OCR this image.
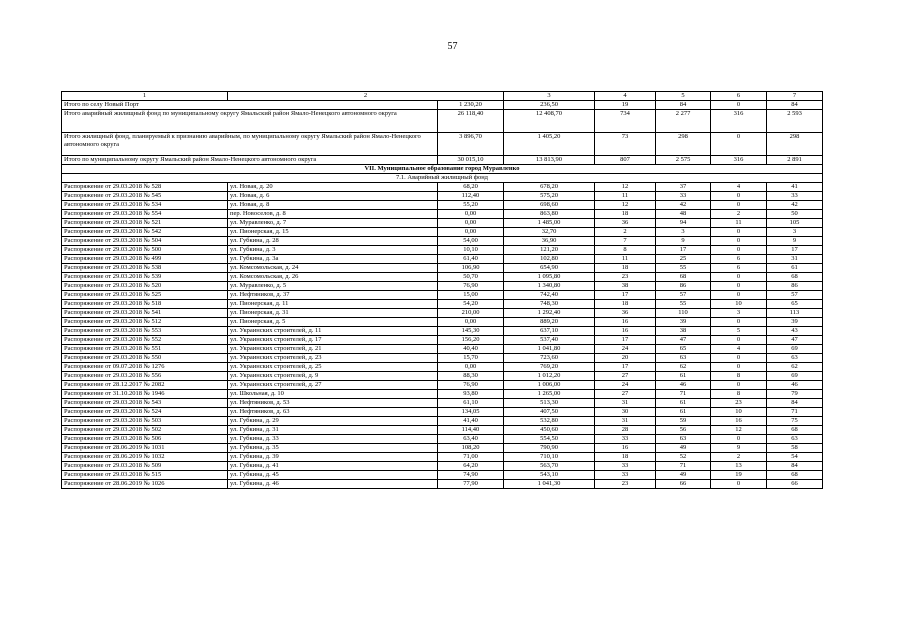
57
1	2		3	4	5	6	7	
Итого по селу Новый Порт		1 230,20	236,50	19	84	0	84	
Итого аварийный жилищный фонд по муниципальному округу Ямальский район Ямало-Ненецкого автономного округа		26 118,40	12 408,70	734	2 277	316	2 593	
Итого жилищный фонд, планируемый к признанию аварийным, по муниципальному округу Ямальский район Ямало-Ненецкого автономного округа		3 896,70	1 405,20	73	298	0	298	
Итого по муниципальному округу Ямальский район Ямало-Ненецкого автономного округа		30 015,10	13 813,90	807	2 575	316	2 891	
VII. Муниципальное образование город Муравленко								
7.1. Аварийный жилищный фонд								
Распоряжение от 29.03.2018 № 528	ул. Новая, д. 20	68,20	678,20	12	37	4	41	
Распоряжение от 29.03.2018 № 545	ул. Новая, д. 6	112,40	575,20	11	33	0	33	
Распоряжение от 29.03.2018 № 534	ул. Новая, д. 8	55,20	698,60	12	42	0	42	
Распоряжение от 29.03.2018 № 554	пер. Новоселов, д. 8	0,00	863,80	18	48	2	50	
Распоряжение от 29.03.2018 № 521	ул. Муравленко, д. 7	0,00	1 485,00	36	94	11	105	
Распоряжение от 29.03.2018 № 542	ул. Пионерская, д. 15	0,00	32,70	2	3	0	3	
Распоряжение от 29.03.2018 № 504	ул. Губкина, д. 28	54,00	36,90	7	9	0	9	
Распоряжение от 29.03.2018 № 500	ул. Губкина, д. 3	10,10	121,20	8	17	0	17	
Распоряжение от 29.03.2018 № 499	ул. Губкина, д. 3а	61,40	102,80	11	25	6	31	
Распоряжение от 29.03.2018 № 538	ул. Комсомольская, д. 24	106,90	654,90	18	55	6	61	
Распоряжение от 29.03.2018 № 539	ул. Комсомольская, д. 26	50,70	1 095,80	23	68	0	68	
Распоряжение от 29.03.2018 № 520	ул. Муравленко, д. 5	76,90	1 340,80	38	86	0	86	
Распоряжение от 29.03.2018 № 525	ул. Нефтяников, д. 37	15,00	742,40	17	57	0	57	
Распоряжение от 29.03.2018 № 518	ул. Пионерская, д. 11	54,20	748,30	18	55	10	65	
Распоряжение от 29.03.2018 № 541	ул. Пионерская, д. 31	210,00	1 292,40	36	110	3	113	
Распоряжение от 29.03.2018 № 512	ул. Пионерская, д. 5	0,00	889,20	16	39	0	39	
Распоряжение от 29.03.2018 № 553	ул. Украинских строителей, д. 11	145,30	637,10	16	38	5	43	
Распоряжение от 29.03.2018 № 552	ул. Украинских строителей, д. 17	156,20	537,40	17	47	0	47	
Распоряжение от 29.03.2018 № 551	ул. Украинских строителей, д. 21	40,40	1 041,80	24	65	4	69	
Распоряжение от 29.03.2018 № 550	ул. Украинских строителей, д. 23	15,70	723,60	20	63	0	63	
Распоряжение от 09.07.2018 № 1276	ул. Украинских строителей, д. 25	0,00	769,20	17	62	0	62	
Распоряжение от 29.03.2018 № 556	ул. Украинских строителей, д. 9	88,30	1 012,20	27	61	8	69	
Распоряжение от 28.12.2017 № 2082	ул. Украинских строителей, д. 27	76,90	1 006,00	24	46	0	46	
Распоряжение от 31.10.2018 № 1946	ул. Школьная, д. 10	93,80	1 265,00	27	71	8	79	
Распоряжение от 29.03.2018 № 543	ул. Нефтяников, д. 53	61,10	513,30	31	61	23	84	
Распоряжение от 29.03.2018 № 524	ул. Нефтяников, д. 63	134,05	407,50	30	61	10	71	
Распоряжение от 29.03.2018 № 503	ул. Губкина, д. 29	41,40	532,80	31	59	16	75	
Распоряжение от 29.03.2018 № 502	ул. Губкина, д. 31	114,40	450,60	28	56	12	68	
Распоряжение от 29.03.2018 № 506	ул. Губкина, д. 33	63,40	554,50	33	63	0	63	
Распоряжение от 28.06.2019 № 1031	ул. Губкина, д. 35	108,20	790,90	16	49	9	58	
Распоряжение от 28.06.2019 № 1032	ул. Губкина, д. 39	71,00	710,10	18	52	2	54	
Распоряжение от 29.03.2018 № 509	ул. Губкина, д. 41	64,20	563,70	33	71	13	84	
Распоряжение от 29.03.2018 № 515	ул. Губкина, д. 45	74,90	543,10	33	49	19	68	
Распоряжение от 28.06.2019 № 1026	ул. Губкина, д. 46	77,90	1 041,30	23	66	0	66	
